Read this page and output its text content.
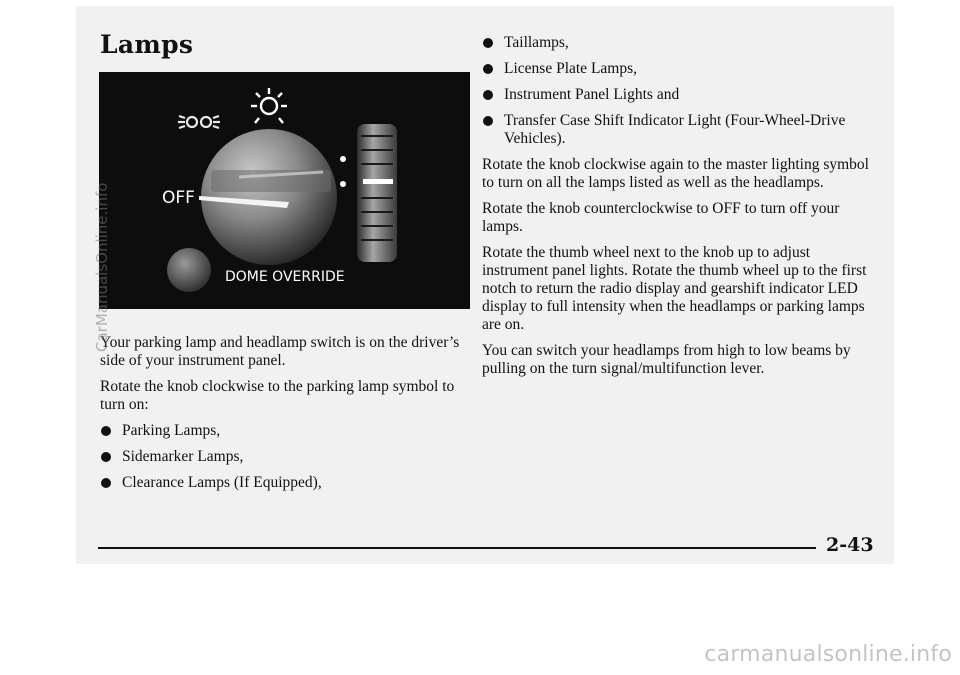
Lamps
OFF
DOME OVERRIDE

Your parking lamp and headlamp switch is on the driver’s side of your instrument panel.

Rotate the knob clockwise to the parking lamp symbol to turn on:

Parking Lamps,
Sidemarker Lamps,
Clearance Lamps (If Equipped),
Taillamps,
License Plate Lamps,
Instrument Panel Lights and
Transfer Case Shift Indicator Light (Four-Wheel-Drive Vehicles).

Rotate the knob clockwise again to the master lighting symbol to turn on all the lamps listed as well as the headlamps.

Rotate the knob counterclockwise to OFF to turn off your lamps.

Rotate the thumb wheel next to the knob up to adjust instrument panel lights. Rotate the thumb wheel up to the first notch to return the radio display and gearshift indicator LED display to full intensity when the headlamps or parking lamps are on.

You can switch your headlamps from high to low beams by pulling on the turn signal/multifunction lever.

2-43
CarManualsOnline.info
carmanualsonline.info
